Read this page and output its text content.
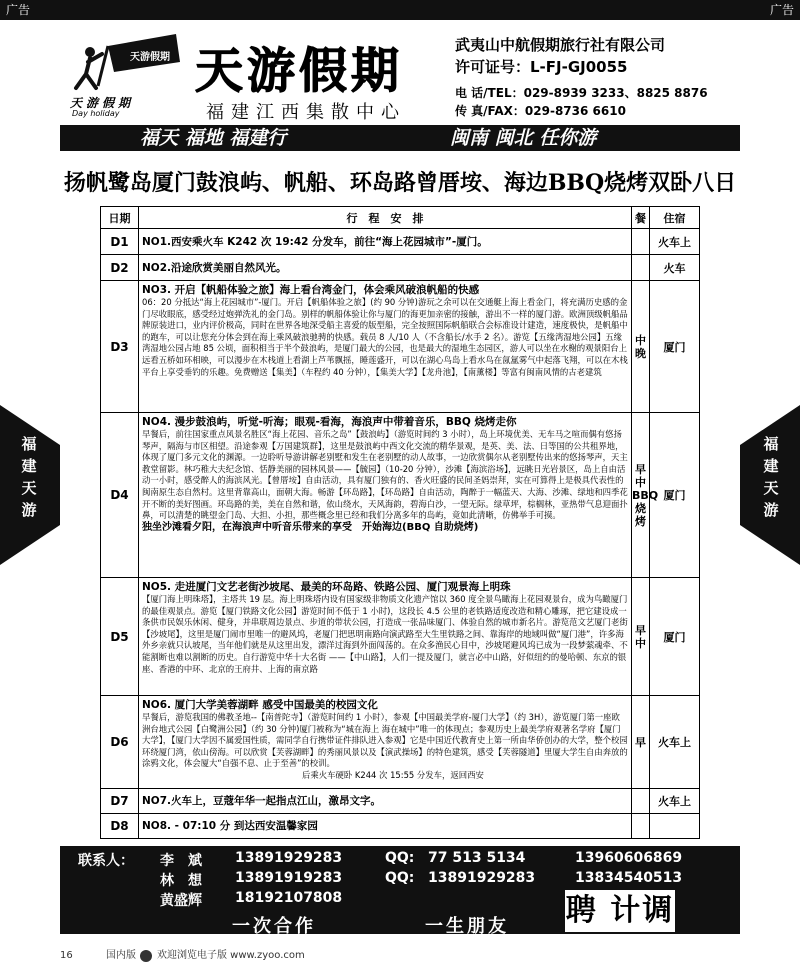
广告	广告
福建天游
福建天游
天游假期
天游假期
Day holiday
天游假期
福建江西集散中心
武夷山中航假期旅行社有限公司
许可证号：L-FJ-GJ0055
电 话/TEL：029-8939 3233、8825 8876
传 真/FAX：029-8736 6610
福天 福地 福建行	闽南 闽北 任你游
扬帆鹭岛厦门鼓浪屿、帆船、环岛路曾厝垵、海边BBQ烧烤双卧八日
日期	行　程　安　排	餐	住宿
D1	NO1.西安乘火车 K242 次 19:42 分发车，前往“海上花园城市”-厦门。		火车上
D2	NO2.沿途欣赏美丽自然风光。		火车
D3	NO3. 开启【帆船体验之旅】海上看台湾金门，体会乘风破浪帆船的快感
06：20 分抵达“海上花园城市”-厦门。开启【帆船体验之旅】(约 90 分钟)游玩之余可以在交通艇上海上看金门，将充满历史感的金门尽收眼底，感受经过炮弹洗礼的金门岛。别样的帆船体验让你与厦门的海更加亲密的接触，游出不一样的厦门游。欧洲顶级帆船品牌原装进口，业内评价极高，同时在世界各地深受船主喜爱的版型船，完全按照国际帆船联合会标准设计建造，速度极快，是帆船中的跑车，可以让您充分体会到在海上乘风破浪驰骋的快感。载员 8 人/10 人（不含船长/水手 2 名）。游览【五缘湾湿地公园】五缘湾湿地公园占地 85 公顷，面积相当于半个鼓浪屿，是厦门最大的公园，也是最大的湿地生态园区，游人可以坐在水榭的观景阳台上远看五桥如环相映，可以漫步在木栈道上看湖上芦苇飘摇，睡莲盛开，可以在湖心鸟岛上看水鸟在氤氲雾气中起落飞翔，可以在木栈平台上享受垂钓的乐趣。免费赠送【集美】（车程约 40 分钟），【集美大学】【龙舟池】，【南薰楼】等富有闽南风情的古老建筑	中晚	厦门
D4	NO4. 漫步鼓浪屿，听觉-听海；眼观-看海，海浪声中带着音乐，BBQ 烧烤走你
早餐后，前往国家重点风景名胜区“海上花园、音乐之岛”【鼓浪屿】（游览时间约 3 小时），岛上环境优美、无车马之喧而偶有悠扬琴声，隔海与市区相望。沿途参观【万国建筑群】，这里是鼓浪屿中西文化交流的精华景观，是英、美、法、日等国的公共租界地，体现了厦门多元文化的渊源。一边聆听导游讲解老别墅和发生在老别墅的动人故事，一边欣赏偶尔从老别墅传出来的悠扬琴声，天主教堂留影。林巧稚大夫纪念馆、恬静美丽的园林风景——【毓园】（10-20 分钟），沙滩【海滨浴场】，远眺日光岩景区，岛上自由活动一小时，感受醉人的海滨风光。【曾厝垵】自由活动，具有厦门独有的、香火旺盛的民间圣妈崇拜，实在可算得上是极具代表性的闽南原生态自然村。这里背靠高山，面朝大海。畅游【环岛路】，【环岛路】自由活动，陶醉于一幅蓝天、大海、沙滩、绿地和四季花开不断的美好图画。环岛路的美，美在自然和谐，依山绕水，天风海韵，碧海白沙，一望无际。绿草坪，棕榈林，亚热带气息迎面扑鼻，可以清楚的眺望金门岛、大担、小担，那些概念里已经和我们分离多年的岛屿，竟如此清晰，仿佛举手可摸。
独坐沙滩看夕阳，在海浪声中听音乐带来的享受　开始海边(BBQ 自助烧烤)	早中BBQ烧烤	厦门
D5	NO5. 走进厦门文艺老街沙坡尾、最美的环岛路、铁路公园、厦门观景海上明珠
【厦门海上明珠塔】，主塔共 19 层。海上明珠塔内设有国家级非物质文化遗产馆以 360 度全景鸟瞰海上花园观景台，成为鸟瞰厦门的最佳观景点。游览【厦门铁路文化公园】游览时间不低于 1 小时)，这段长 4.5 公里的老铁路适度改造和精心雕琢，把它建设成一条供市民娱乐休闲、健身，并串联周边景点、步道的带状公园，打造成一张品味厦门、体验自然的城市新名片。游览范文艺厦门老街【沙坡尾】，这里是厦门闹市里唯一的避风坞，老厦门把思明南路向演武路至大生里铁路之间、靠海岸的地域叫做“厦门港”，许多海外乡亲就只认坡尾，当年他们就是从这里出发，漂洋过海到外面闯荡的。在众多渔民心目中，沙坡尾避风坞已成为一段梦萦魂牵、不能割断也难以割断的历史。自行游览中华十大名街 ——【中山路】，人们一提及厦门，就言必中山路，好似纽约的曼哈顿、东京的银座、香港的中环、北京的王府井、上海的南京路	早中	厦门
D6	NO6. 厦门大学美蓉湖畔 感受中国最美的校园文化
早餐后，游览我国的佛教圣地--【南普陀寺】（游览时间约 1 小时），参观【中国最美学府-厦门大学】（约 3H），游览厦门第一座欧洲台地式公园【白鹭洲公园】（约 30 分钟)厦门被称为“城在海上 海在城中”唯一的体现点；参观历史上最美学府观著名学府【厦门大学】，【厦门大学因不属爱国性质，需同学自行携带证件排队进入参观】它是中国近代教育史上第一所由华侨创办的大学，整个校园环绕厦门湾，依山傍海。可以欣赏【芙蓉湖畔】的秀丽风景以及【演武操场】的特色建筑，感受【芙蓉隧道】里厦大学生自由奔放的涂鸦文化，体会厦大“自强不息、止于至善”的校训。
后乘火车硬卧 K244 次 15:55 分发车，返回西安	早	火车上
D7	NO7.火车上，豆蔻年华一起指点江山，激昂文字。		火车上
D8	NO8. - 07:10 分 到达西安温馨家园		

联系人： 李　斌 13891929283	QQ: 77 513 5134	13960606869
林　想 13891919283	QQ: 13891929283	13834540513
黄盛辉 18192107808
一次合作	一生朋友 聘 计调
16	国内版 欢迎浏览电子版 www.zyoo.com
